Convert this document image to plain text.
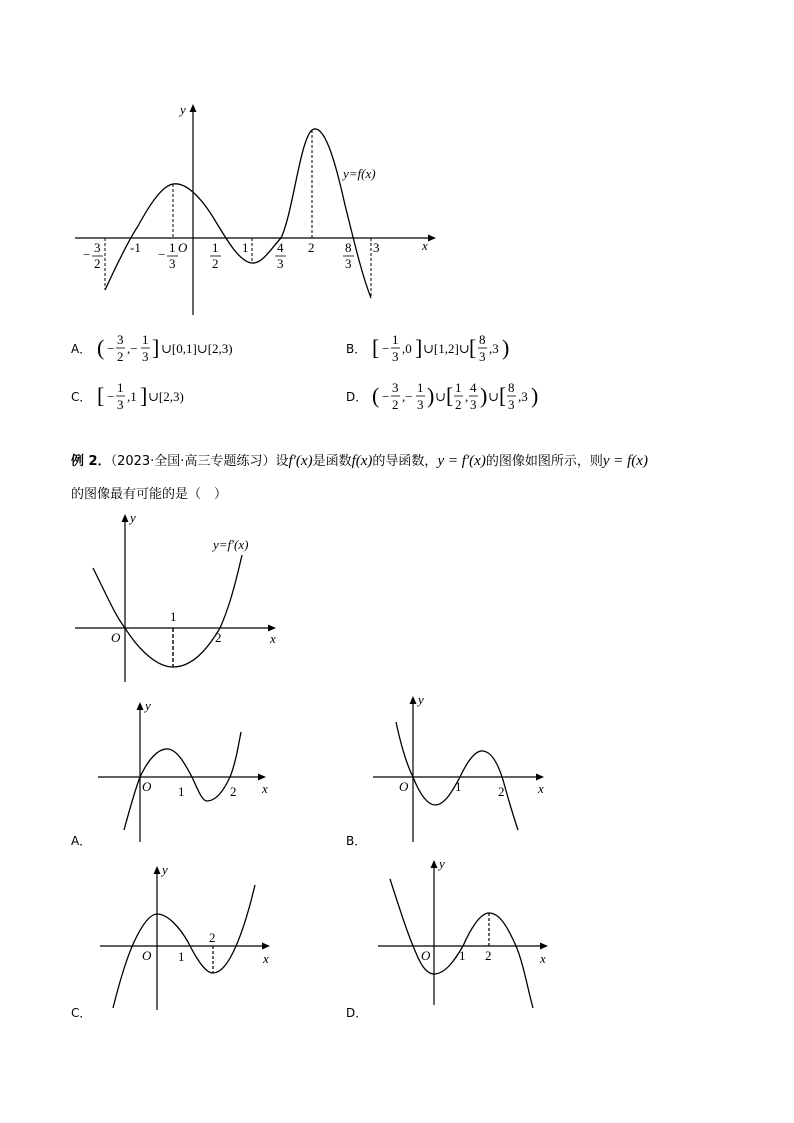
y
x
O
y=f(x)
− 3
2
-1 − 1
3
1
2
1 4
3
2 8
3
3
y
x
O
y=f′(x)
1
2
y
x
O 1	2
A．
y
x
O	1	2
B．
y
x
O 1
2
C．
y
x
O 1 2
D．
A． ( −
3
2
,−
1
3 ] ∪[0,1]∪[2,3)	B． [ −
1
3
,0 ] ∪[1,2]∪ [ 8
3
,3 )
C． [ −
1
3
,1 ] ∪[2,3)	D． ( −
3
2
,−
1
3 ) ∪ [ 1
2
,
4
3 ) ∪ [ 8
3
,3 )
例 2．（2023·全国·高三专题练习）设f′(x)是函数f(x)的导函数，y = f′(x)的图像如图所示，则y = f(x)
的图像最有可能的是（　）
